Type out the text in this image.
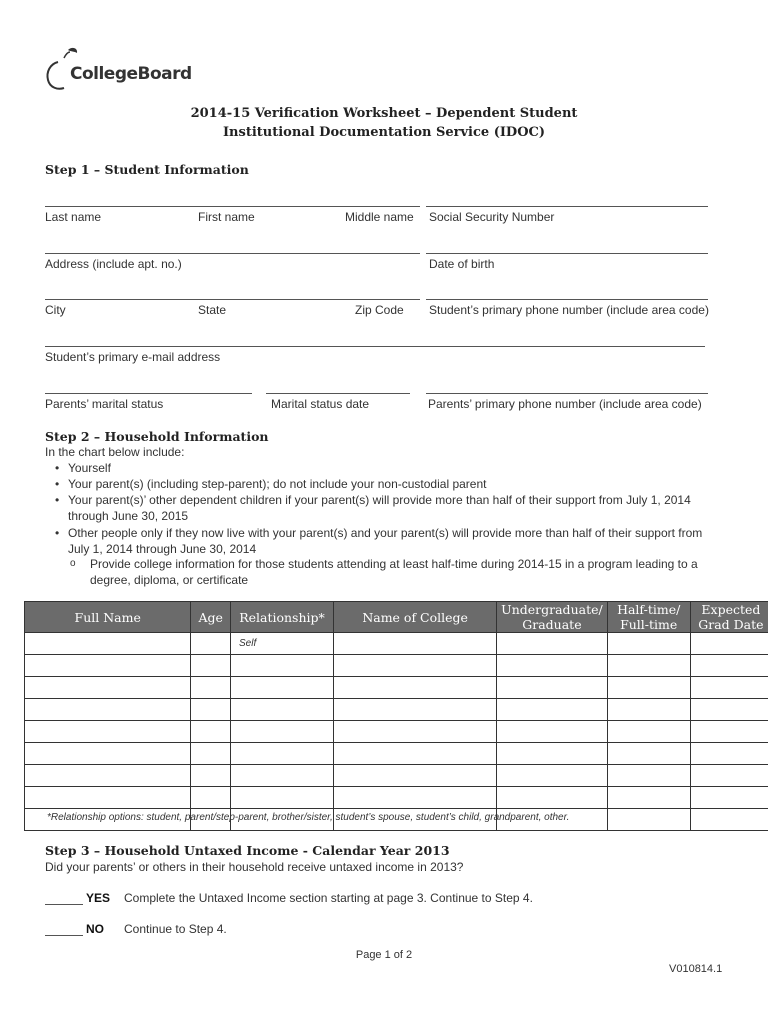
CollegeBoard
2014-15 Verification Worksheet – Dependent Student
Institutional Documentation Service (IDOC)
Step 1 – Student Information
Last name	First name	Middle name Social Security Number
Address (include apt. no.)	Date of birth
City	State	Zip Code Student’s primary phone number (include area code)
Student’s primary e-mail address
Parents’ marital status	Marital status date	Parents’ primary phone number (include area code)
Step 2 – Household Information
In the chart below include:
• Yourself
• Your parent(s) (including step-parent); do not include your non-custodial parent
• Your parent(s)’ other dependent children if your parent(s) will provide more than half of their support from July 1, 2014 through June 30, 2015
• Other people only if they now live with your parent(s) and your parent(s) will provide more than half of their support from July 1, 2014 through June 30, 2014
o Provide college information for those students attending at least half-time during 2014-15 in a program leading to a degree, diploma, or certificate
Full Name	Age	Relationship*	Name of College	Undergraduate/ Graduate	Half-time/ Full-time	Expected Grad Date
		Self				

*Relationship options: student, parent/step-parent, brother/sister, student’s spouse, student’s child, grandparent, other.
Step 3 – Household Untaxed Income - Calendar Year 2013
Did your parents’ or others in their household receive untaxed income in 2013?
YES Complete the Untaxed Income section starting at page 3. Continue to Step 4.
NO Continue to Step 4.
Page 1 of 2
V010814.1
